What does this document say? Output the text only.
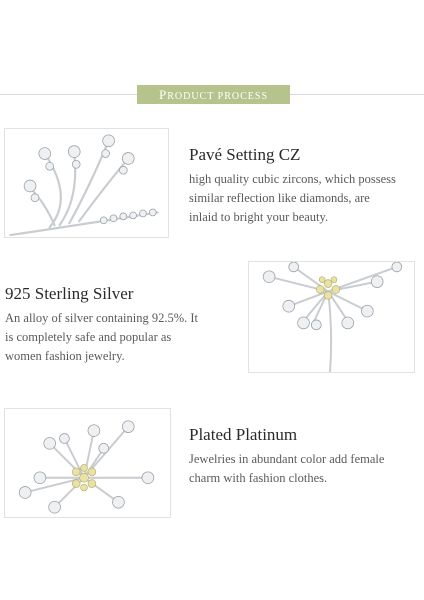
PRODUCT PROCESS
Pavé Setting CZ
high quality cubic zircons, which possess
similar reflection like diamonds, are
inlaid to bright your beauty.
925 Sterling Silver
An alloy of silver containing 92.5%. It
is completely safe and popular as
women fashion jewelry.
Plated Platinum
Jewelries in abundant color add female
charm with fashion clothes.
